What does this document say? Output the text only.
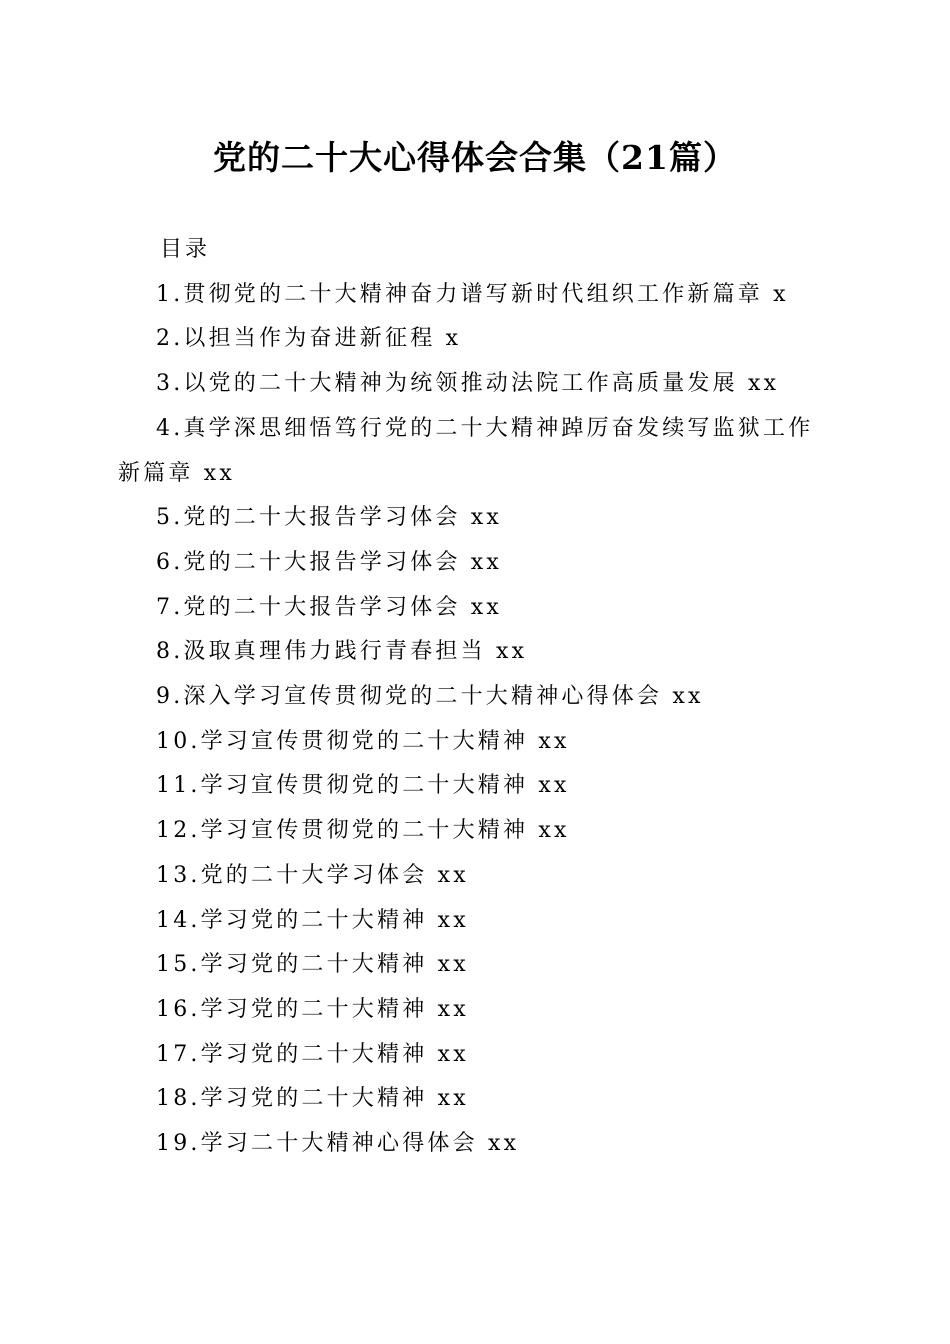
党的二十大心得体会合集（21篇）
目录
1.贯彻党的二十大精神奋力谱写新时代组织工作新篇章 x
2.以担当作为奋进新征程 x
3.以党的二十大精神为统领推动法院工作高质量发展 xx
4.真学深思细悟笃行党的二十大精神踔厉奋发续写监狱工作新篇章 xx
5.党的二十大报告学习体会 xx
6.党的二十大报告学习体会 xx
7.党的二十大报告学习体会 xx
8.汲取真理伟力践行青春担当 xx
9.深入学习宣传贯彻党的二十大精神心得体会 xx
10.学习宣传贯彻党的二十大精神 xx
11.学习宣传贯彻党的二十大精神 xx
12.学习宣传贯彻党的二十大精神 xx
13.党的二十大学习体会 xx
14.学习党的二十大精神 xx
15.学习党的二十大精神 xx
16.学习党的二十大精神 xx
17.学习党的二十大精神 xx
18.学习党的二十大精神 xx
19.学习二十大精神心得体会 xx
